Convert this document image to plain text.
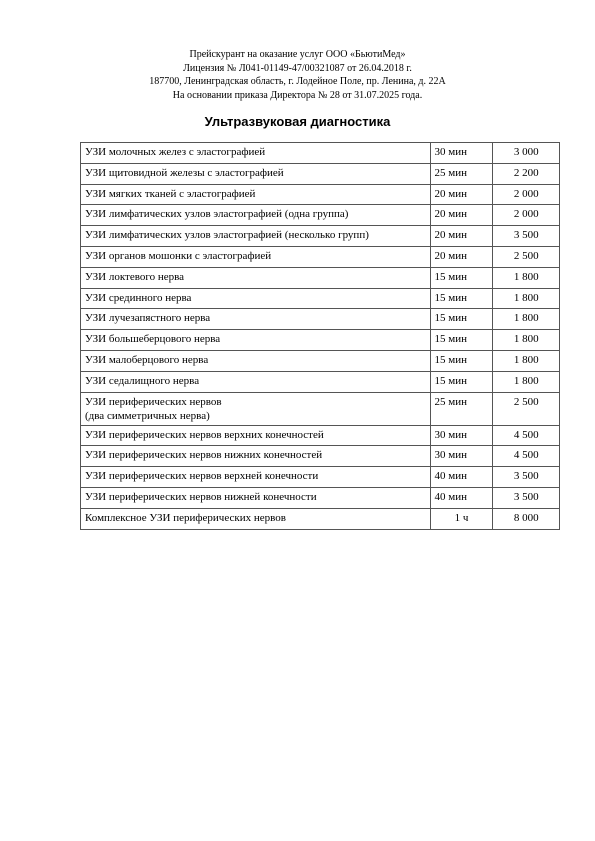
Прейскурант на оказание услуг ООО «БьютиМед»
Лицензия № Л041-01149-47/00321087 от 26.04.2018 г.
187700, Ленинградская область, г. Лодейное Поле, пр. Ленина, д. 22А
На основании приказа Директора № 28 от 31.07.2025 года.
Ультразвуковая диагностика
УЗИ молочных желез с эластографией	30 мин	3 000
УЗИ щитовидной железы с эластографией	25 мин	2 200
УЗИ мягких тканей с эластографией	20 мин	2 000
УЗИ лимфатических узлов эластографией (одна группа)	20 мин	2 000
УЗИ лимфатических узлов эластографией (несколько групп)	20 мин	3 500
УЗИ органов мошонки с эластографией	20 мин	2 500
УЗИ локтевого нерва	15 мин	1 800
УЗИ срединного нерва	15 мин	1 800
УЗИ лучезапястного нерва	15 мин	1 800
УЗИ большеберцового нерва	15 мин	1 800
УЗИ малоберцового нерва	15 мин	1 800
УЗИ седалищного нерва	15 мин	1 800

УЗИ периферических нервов
(два симметричных нерва)	25 мин	2 500
УЗИ периферических нервов верхних конечностей	30 мин	4 500
УЗИ периферических нервов нижних конечностей	30 мин	4 500
УЗИ периферических нервов верхней конечности	40 мин	3 500
УЗИ периферических нервов нижней конечности	40 мин	3 500
Комплексное УЗИ периферических нервов	1 ч	8 000
